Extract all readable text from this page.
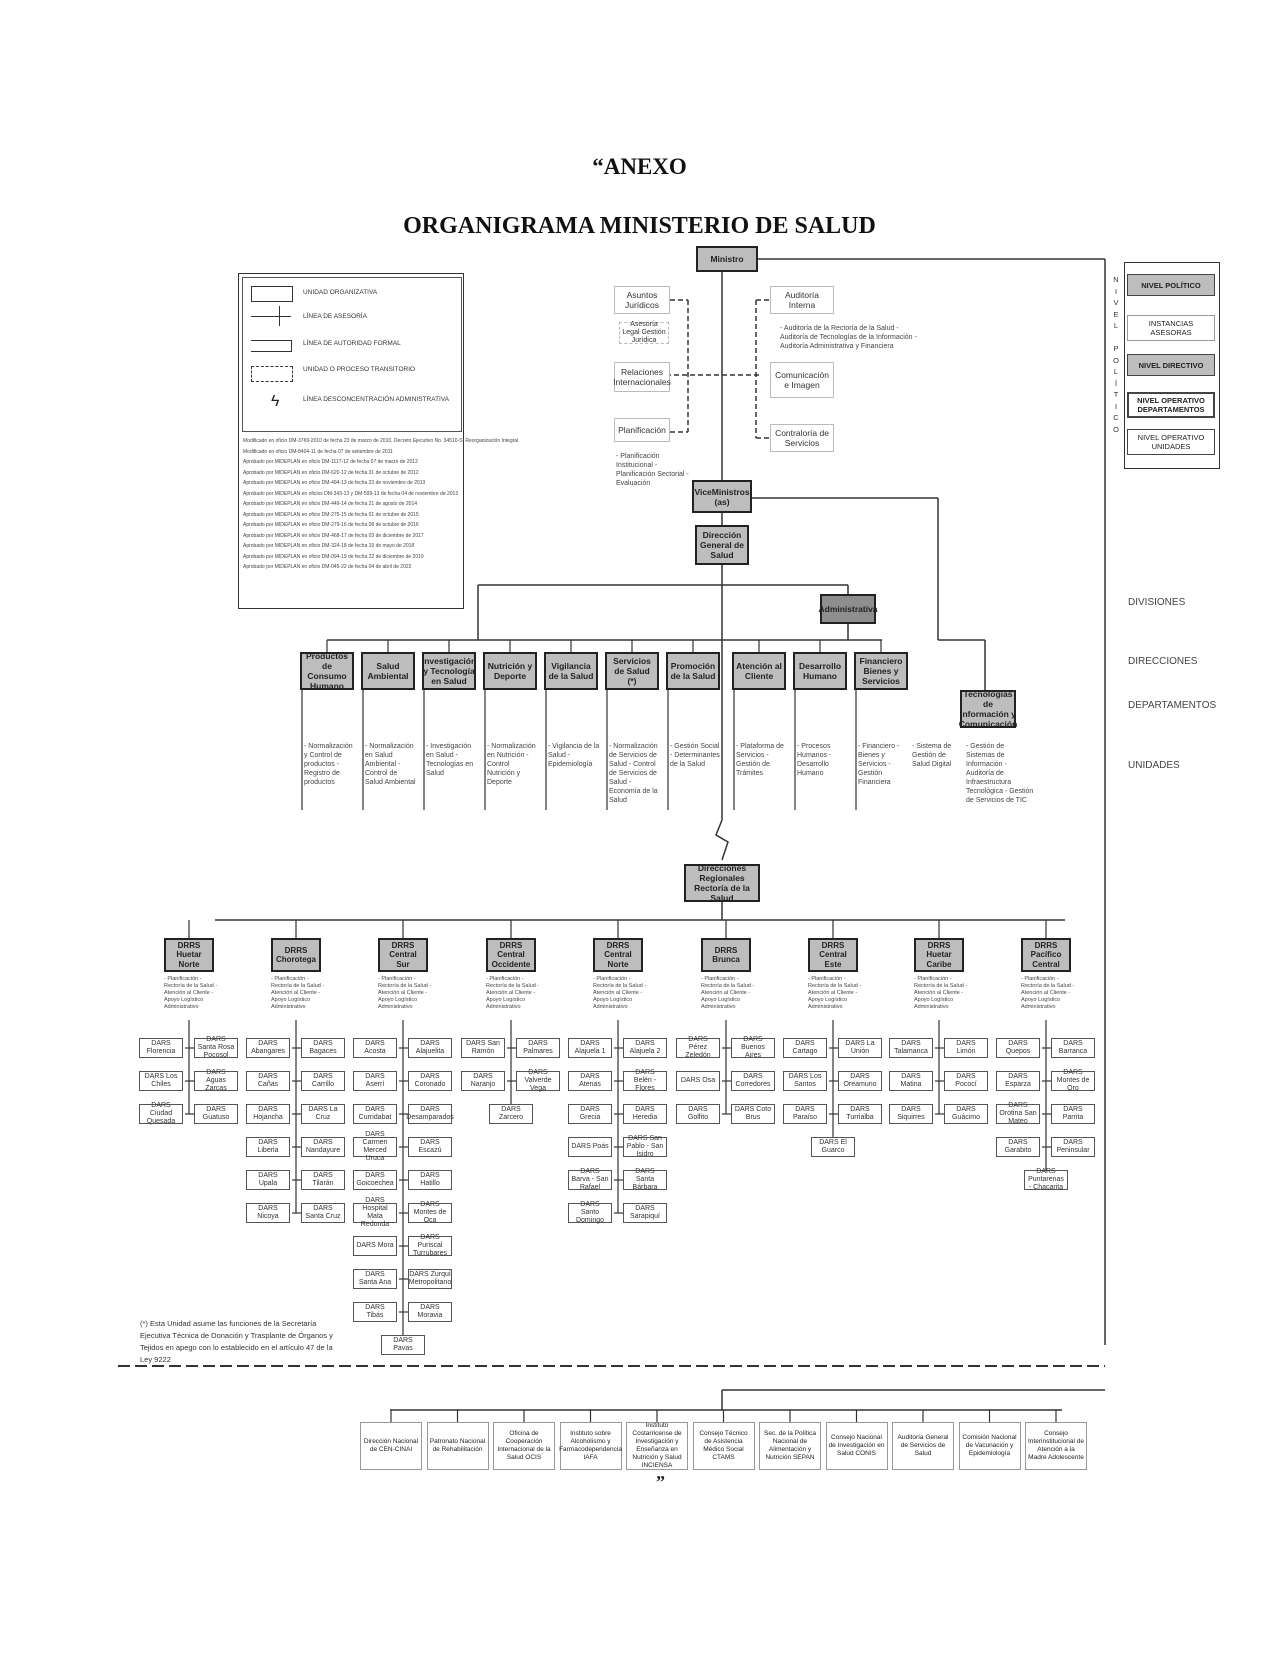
“ANEXO
ORGANIGRAMA MINISTERIO DE SALUD
UNIDAD ORGANIZATIVA
LÍNEA DE ASESORÍA
LÍNEA DE AUTORIDAD FORMAL
UNIDAD O PROCESO TRANSITORIO
ϟ	LÍNEA DESCONCENTRACIÓN ADMINISTRATIVA
Modificado en oficio DM-3769-2010 de fecha 23 de marzo de 2010, Decreto Ejecutivo No. 34510-S, Reorganización Integral
Modificado en oficio DM-8404-11 de fecha 07 de setiembre de 2011
Aprobado por MIDEPLAN en oficio DM-1117-12 de fecha 07 de marzo de 2012
Aprobado por MIDEPLAN en oficio DM-620-12 de fecha 31 de octubre de 2012
Aprobado por MIDEPLAN en oficio DM-494-13 de fecha 23 de noviembre de 2013
Aprobado por MIDEPLAN en oficios DM-343-13 y DM-599-13 de fecha 04 de noviembre de 2013
Aprobado por MIDEPLAN en oficio DM-449-14 de fecha 21 de agosto de 2014
Aprobado por MIDEPLAN en oficio DM-275-15 de fecha 01 de octubre de 2015
Aprobado por MIDEPLAN en oficio DM-279-16 de fecha 08 de octubre de 2016
Aprobado por MIDEPLAN en oficio DM-468-17 de fecha 03 de diciembre de 2017
Aprobado por MIDEPLAN en oficio DM-324-18 de fecha 19 de mayo de 2018
Aprobado por MIDEPLAN en oficio DM-094-19 de fecha 22 de diciembre de 2019
Aprobado por MIDEPLAN en oficio DM-045-22 de fecha 04 de abril de 2022
N
I
V
E
L
P
O
L
Í
T
I
C
O
NIVEL POLÍTICO
INSTANCIAS ASESORAS
NIVEL DIRECTIVO
NIVEL OPERATIVO DEPARTAMENTOS
NIVEL OPERATIVO UNIDADES
DIVISIONES
DIRECCIONES
DEPARTAMENTOS
UNIDADES
Ministro
Asuntos Jurídicos
Asesoría Legal Gestión Jurídica
Relaciones Internacionales
Planificación
- Planificación Institucional - Planificación Sectorial - Evaluación
Auditoría Interna
- Auditoría de la Rectoría de la Salud - Auditoría de Tecnologías de la Información - Auditoría Administrativa y Financiera
Comunicación e Imagen
Contraloría de Servicios
ViceMinistros (as)
Dirección General de Salud
Administrativa
Tecnologías de Información y Comunicación
- Sistema de Gestión de Salud Digital
- Gestión de Sistemas de Información - Auditoría de Infraestructura Tecnológica - Gestión de Servicios de TIC
Productos de Consumo Humano
- Normalización y Control de productos - Registro de productos
Salud Ambiental
- Normalización en Salud Ambiental - Control de Salud Ambiental
Investigación y Tecnología en Salud
- Investigación en Salud - Tecnologías en Salud
Nutrición y Deporte
- Normalización en Nutrición - Control Nutrición y Deporte
Vigilancia de la Salud
- Vigilancia de la Salud - Epidemiología
Servicios de Salud (*)
- Normalización de Servicios de Salud - Control de Servicios de Salud - Economía de la Salud
Promoción de la Salud
- Gestión Social - Determinantes de la Salud
Atención al Cliente
- Plataforma de Servicios - Gestión de Trámites
Desarrollo Humano
- Procesos Humanos - Desarrollo Humano
Financiero Bienes y Servicios
- Financiero - Bienes y Servicios - Gestión Financiera
Direcciones Regionales Rectoría de la Salud
DRRS Huetar Norte
- Planificación - Rectoría de la Salud - Atención al Cliente - Apoyo Logístico Administrativo
DARS Florencia
DARS Santa Rosa Pocosol
DARS Los Chiles
DARS Aguas Zarcas
DARS Ciudad Quesada
DARS Guatuso
DRRS Chorotega
- Planificación - Rectoría de la Salud - Atención al Cliente - Apoyo Logístico Administrativo
DARS Abangares
DARS Bagaces
DARS Cañas
DARS Carrillo
DARS Hojancha
DARS La Cruz
DARS Liberia
DARS Nandayure
DARS Upala
DARS Tilarán
DARS Nicoya
DARS Santa Cruz
DRRS Central Sur
- Planificación - Rectoría de la Salud - Atención al Cliente - Apoyo Logístico Administrativo
DARS Acosta
DARS Alajuelita
DARS Aserrí
DARS Coronado
DARS Curridabat
DARS Desamparados
DARS Carmen Merced Uruca
DARS Escazú
DARS Goicoechea
DARS Hatillo
DARS Hospital Mata Redonda
DARS Montes de Oca
DARS Mora
DARS Puriscal Turrubares
DARS Santa Ana
DARS Zurquí Metropolitano
DARS Tibás
DARS Moravia
DARS Pavas
DRRS Central Occidente
- Planificación - Rectoría de la Salud - Atención al Cliente - Apoyo Logístico Administrativo
DARS San Ramón
DARS Palmares
DARS Naranjo
DARS Valverde Vega
DARS Zarcero
DRRS Central Norte
- Planificación - Rectoría de la Salud - Atención al Cliente - Apoyo Logístico Administrativo
DARS Alajuela 1
DARS Alajuela 2
DARS Atenas
DARS Belén - Flores
DARS Grecia
DARS Heredia
DARS Poás
DARS San Pablo - San Isidro
DARS Barva - San Rafael
DARS Santa Bárbara
DARS Santo Domingo
DARS Sarapiquí
DRRS Brunca
- Planificación - Rectoría de la Salud - Atención al Cliente - Apoyo Logístico Administrativo
DARS Pérez Zeledón
DARS Buenos Aires
DARS Osa
DARS Corredores
DARS Golfito
DARS Coto Brus
DRRS Central Este
- Planificación - Rectoría de la Salud - Atención al Cliente - Apoyo Logístico Administrativo
DARS Cartago
DARS La Unión
DARS Los Santos
DARS Oreamuno
DARS Paraíso
DARS Turrialba
DARS El Guarco
DRRS Huetar Caribe
- Planificación - Rectoría de la Salud - Atención al Cliente - Apoyo Logístico Administrativo
DARS Talamanca
DARS Limón
DARS Matina
DARS Pococí
DARS Siquirres
DARS Guácimo
DRRS Pacífico Central
- Planificación - Rectoría de la Salud - Atención al Cliente - Apoyo Logístico Administrativo
DARS Quepos
DARS Barranca
DARS Esparza
DARS Montes de Oro
DARS Orotina San Mateo
DARS Parrita
DARS Garabito
DARS Peninsular
DARS Puntarenas - Chacarita
(*) Esta Unidad asume las funciones de la Secretaría Ejecutiva Técnica de Donación y Trasplante de Órganos y Tejidos en apego con lo establecido en el artículo 47 de la Ley 9222
Dirección Nacional de CEN-CINAI
Patronato Nacional de Rehabilitación
Oficina de Cooperación Internacional de la Salud OCIS
Instituto sobre Alcoholismo y Farmacodependencia IAFA
Instituto Costarricense de Investigación y Enseñanza en Nutrición y Salud INCIENSA
Consejo Técnico de Asistencia Médico Social CTAMS
Sec. de la Política Nacional de Alimentación y Nutrición SEPAN
Consejo Nacional de Investigación en Salud CONIS
Auditoría General de Servicios de Salud
Comisión Nacional de Vacunación y Epidemiología
Consejo Interinstitucional de Atención a la Madre Adolescente
”
